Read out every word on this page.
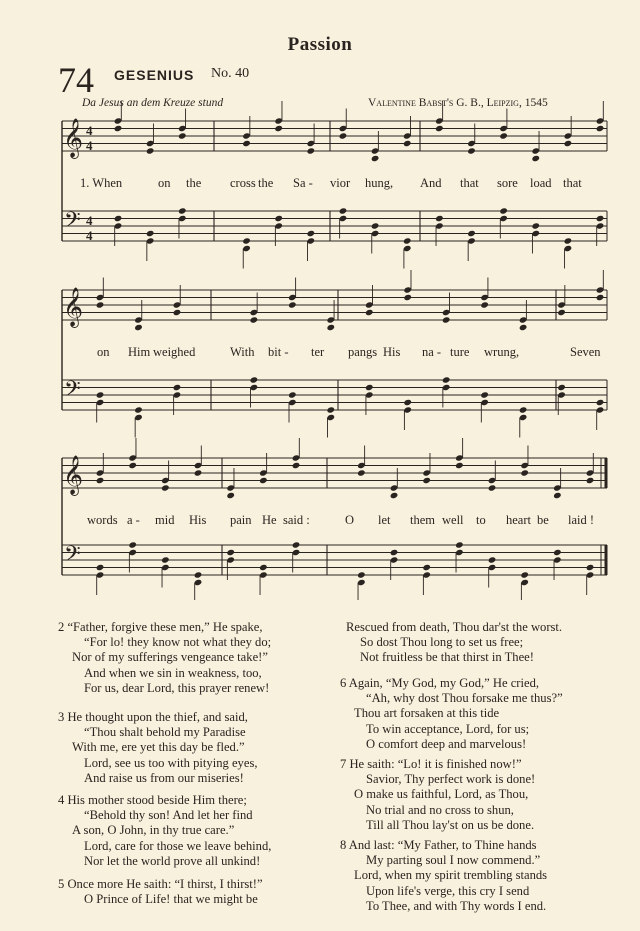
Passion
74 GESENIUS No. 40
Da Jesus an dem Kreuze stund	Valentine Babst's G. B., Leipzig, 1545
𝄞
𝄢
4
4
4
4
𝄞
𝄢
𝄞
𝄢
1. When	on the cross the Sa - vior hung, And that sore load that
on Him weighed	With bit - ter pangs His na - ture wrung,	Seven
words a - mid His pain He said :	O let them well to heart be laid !
2 “Father, forgive these men,” He spake,
“For lo! they know not what they do;
Nor of my sufferings vengeance take!”
And when we sin in weakness, too,
For us, dear Lord, this prayer renew!
3 He thought upon the thief, and said,
“Thou shalt behold my Paradise
With me, ere yet this day be fled.”
Lord, see us too with pitying eyes,
And raise us from our miseries!
4 His mother stood beside Him there;
“Behold thy son! And let her find
A son, O John, in thy true care.”
Lord, care for those we leave behind,
Nor let the world prove all unkind!
5 Once more He saith: “I thirst, I thirst!”
O Prince of Life! that we might be
Rescued from death, Thou dar'st the worst.
So dost Thou long to set us free;
Not fruitless be that thirst in Thee!
6 Again, “My God, my God,” He cried,
“Ah, why dost Thou forsake me thus?”
Thou art forsaken at this tide
To win acceptance, Lord, for us;
O comfort deep and marvelous!
7 He saith: “Lo! it is finished now!”
Savior, Thy perfect work is done!
O make us faithful, Lord, as Thou,
No trial and no cross to shun,
Till all Thou lay'st on us be done.
8 And last: “My Father, to Thine hands
My parting soul I now commend.”
Lord, when my spirit trembling stands
Upon life's verge, this cry I send
To Thee, and with Thy words I end.
